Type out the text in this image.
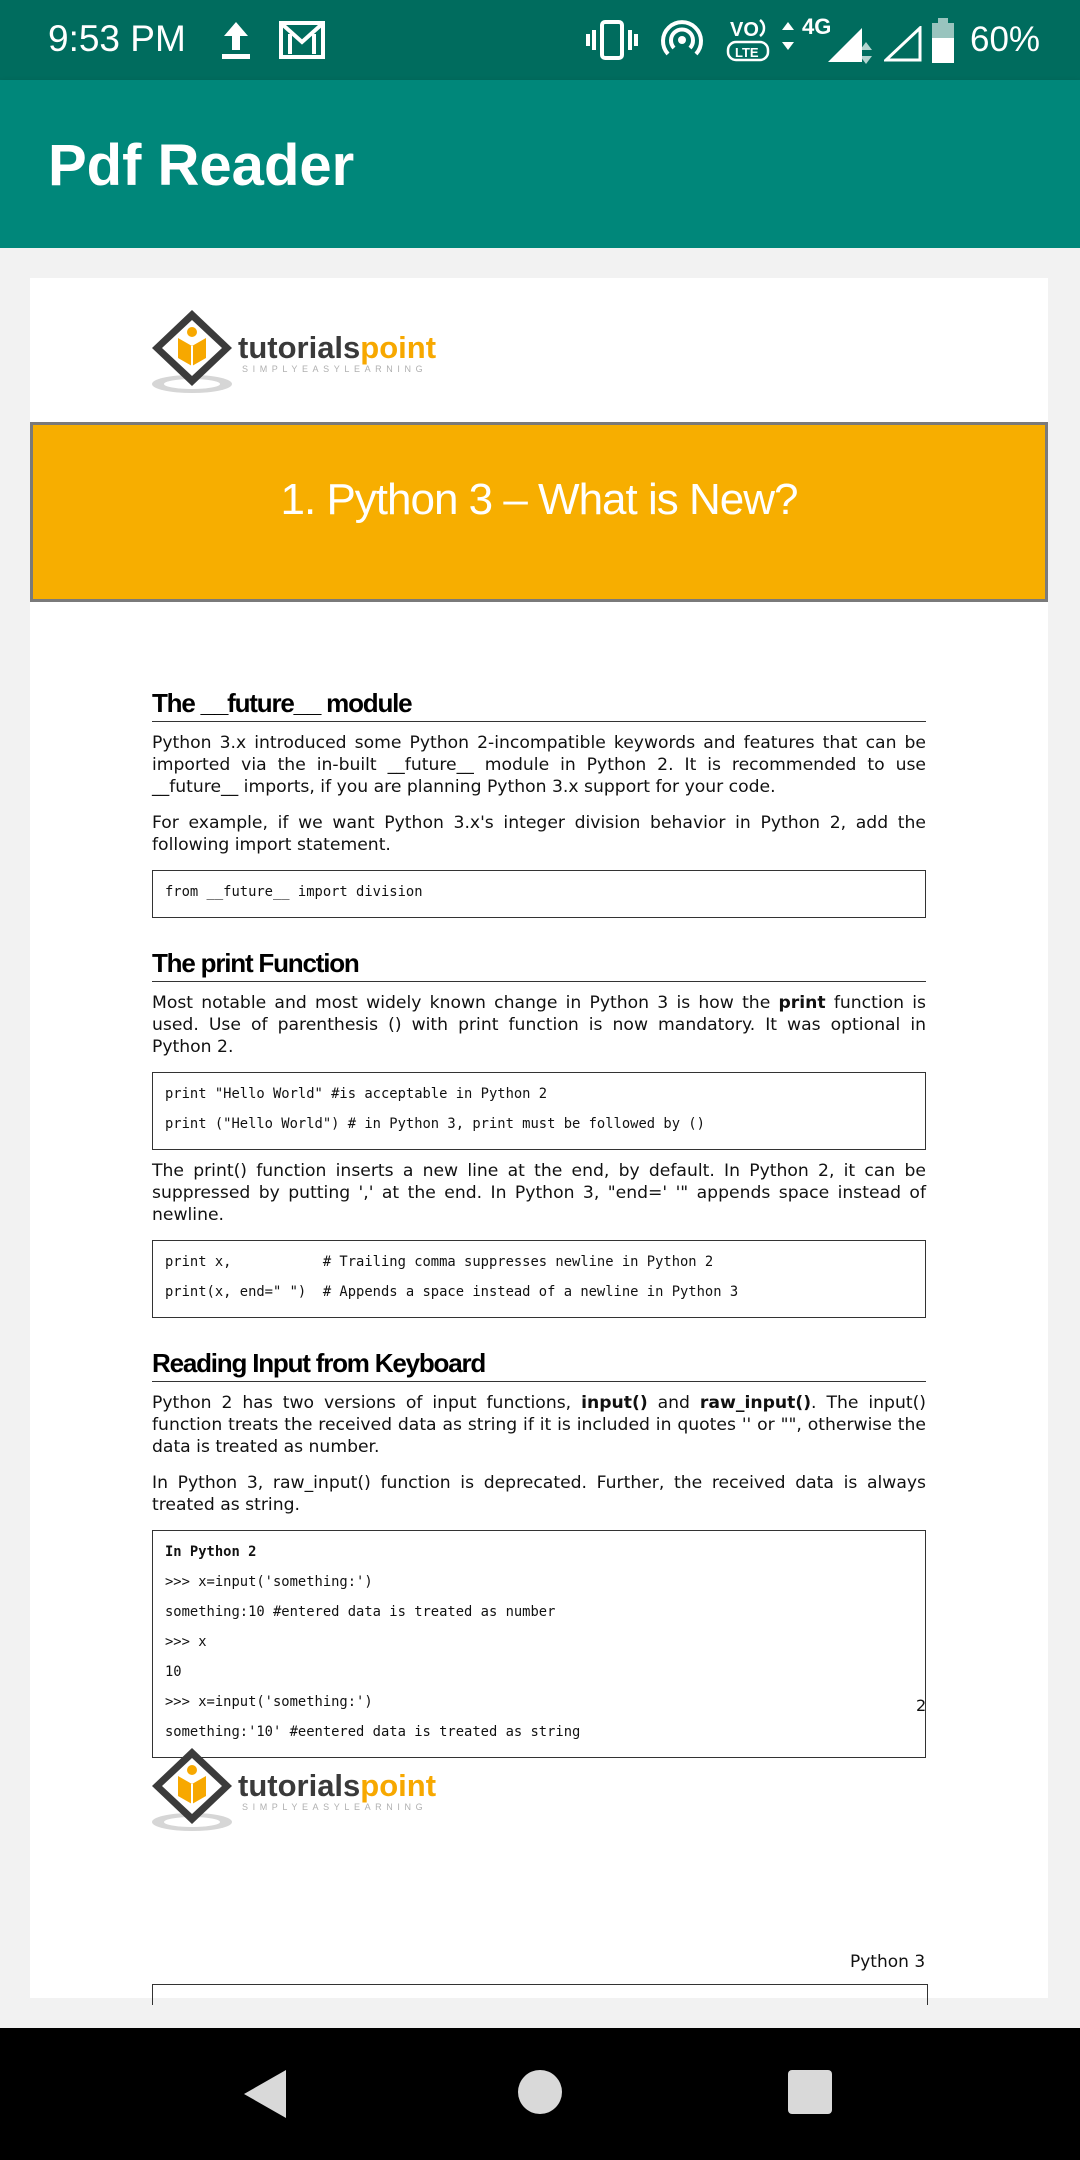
9:53 PM	VO
LTE
4G	60%
Pdf Reader
tutorialspoint
SIMPLYEASYLEARNING
1. Python 3 – What is New?
The __future__ module

Python 3.x introduced some Python 2-incompatible keywords and features that can be imported via the in-built __future__ module in Python 2. It is recommended to use __future__ imports, if you are planning Python 3.x support for your code.

For example, if we want Python 3.x's integer division behavior in Python 2, add the following import statement.

from __future__ import division
The print Function

Most notable and most widely known change in Python 3 is how the print function is used. Use of parenthesis () with print function is now mandatory. It was optional in Python 2.

print "Hello World" #is acceptable in Python 2
print ("Hello World") # in Python 3, print must be followed by ()

The print() function inserts a new line at the end, by default. In Python 2, it can be suppressed by putting ',' at the end. In Python 3, "end=' '" appends space instead of newline.

print x,           # Trailing comma suppresses newline in Python 2
print(x, end=" ")  # Appends a space instead of a newline in Python 3
Reading Input from Keyboard

Python 2 has two versions of input functions, input() and raw_input(). The input() function treats the received data as string if it is included in quotes '' or "", otherwise the data is treated as number.

In Python 3, raw_input() function is deprecated. Further, the received data is always treated as string.

In Python 2
>>> x=input('something:')
something:10 #entered data is treated as number
>>> x
10
>>> x=input('something:')
something:'10' #eentered data is treated as string
2
tutorialspoint
SIMPLYEASYLEARNING
Python 3
